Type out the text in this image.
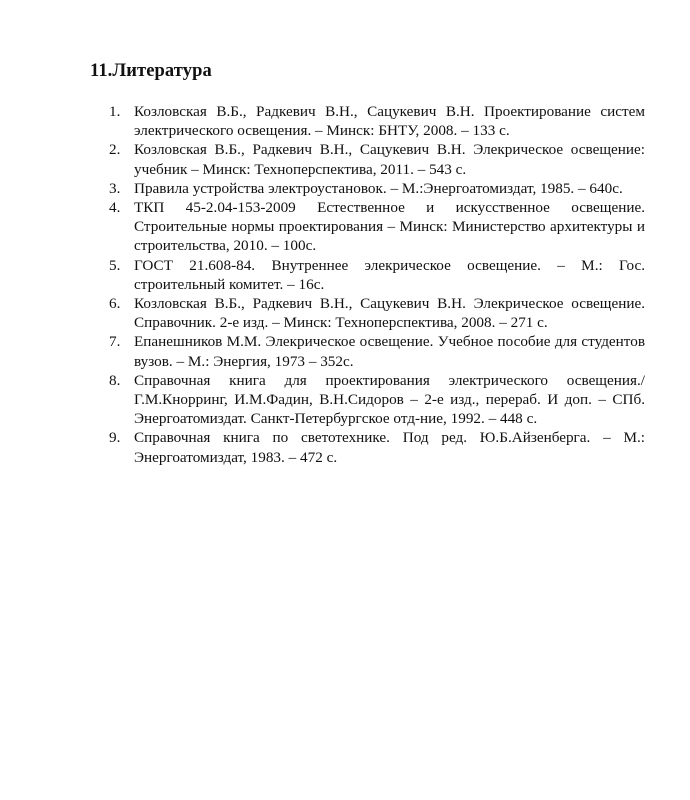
11.Литература
1. Козловская В.Б., Радкевич В.Н., Сацукевич В.Н. Проектирование систем электрического освещения. – Минск: БНТУ, 2008. – 133 с.
2. Козловская В.Б., Радкевич В.Н., Сацукевич В.Н. Элекрическое освещение: учебник – Минск: Техноперспектива, 2011. – 543 с.
3. Правила устройства электроустановок. – М.:Энергоатомиздат, 1985. – 640с.
4. ТКП 45-2.04-153-2009 Естественное и искусственное освещение. Строительные нормы проектирования – Минск: Министерство архитектуры и строительства, 2010. – 100с.
5. ГОСТ 21.608-84. Внутреннее элекрическое освещение. – М.: Гос. строительный комитет. – 16с.
6. Козловская В.Б., Радкевич В.Н., Сацукевич В.Н. Элекрическое освещение. Справочник. 2-е изд. – Минск: Техноперспектива, 2008. – 271 с.
7. Епанешников М.М. Элекрическое освещение. Учебное пособие для студентов вузов. – М.: Энергия, 1973 – 352с.
8. Справочная книга для проектирования электрического освещения./ Г.М.Кнорринг, И.М.Фадин, В.Н.Сидоров – 2-е изд., перераб. И доп. – СПб. Энергоатомиздат. Санкт-Петербургское отд-ние, 1992. – 448 с.
9. Справочная книга по светотехнике. Под ред. Ю.Б.Айзенберга. – М.: Энергоатомиздат, 1983. – 472 с.
